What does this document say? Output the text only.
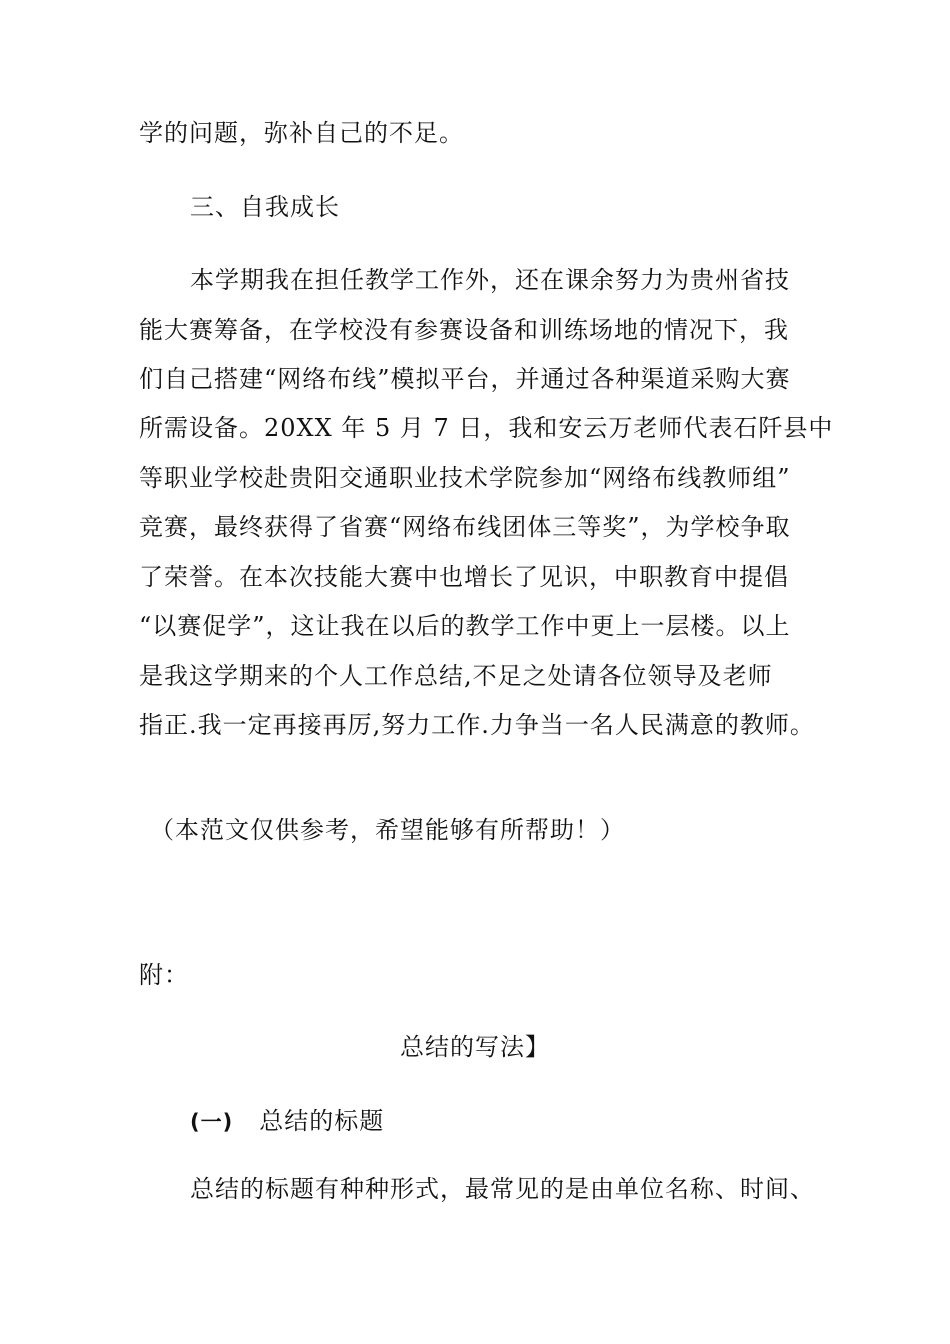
学的问题，弥补自己的不足。
三、自我成长
本学期我在担任教学工作外，还在课余努力为贵州省技
能大赛筹备，在学校没有参赛设备和训练场地的情况下，我
们自己搭建“网络布线”模拟平台，并通过各种渠道采购大赛
所需设备。20XX 年 5 月 7 日，我和安云万老师代表石阡县中
等职业学校赴贵阳交通职业技术学院参加“网络布线教师组”
竞赛，最终获得了省赛“网络布线团体三等奖”，为学校争取
了荣誉。在本次技能大赛中也增长了见识，中职教育中提倡
“以赛促学”，这让我在以后的教学工作中更上一层楼。以上
是我这学期来的个人工作总结,不足之处请各位领导及老师
指正.我一定再接再厉,努力工作.力争当一名人民满意的教师。
（本范文仅供参考，希望能够有所帮助！）
附：
总结的写法】
(一) 总结的标题
总结的标题有种种形式，最常见的是由单位名称、时间、
